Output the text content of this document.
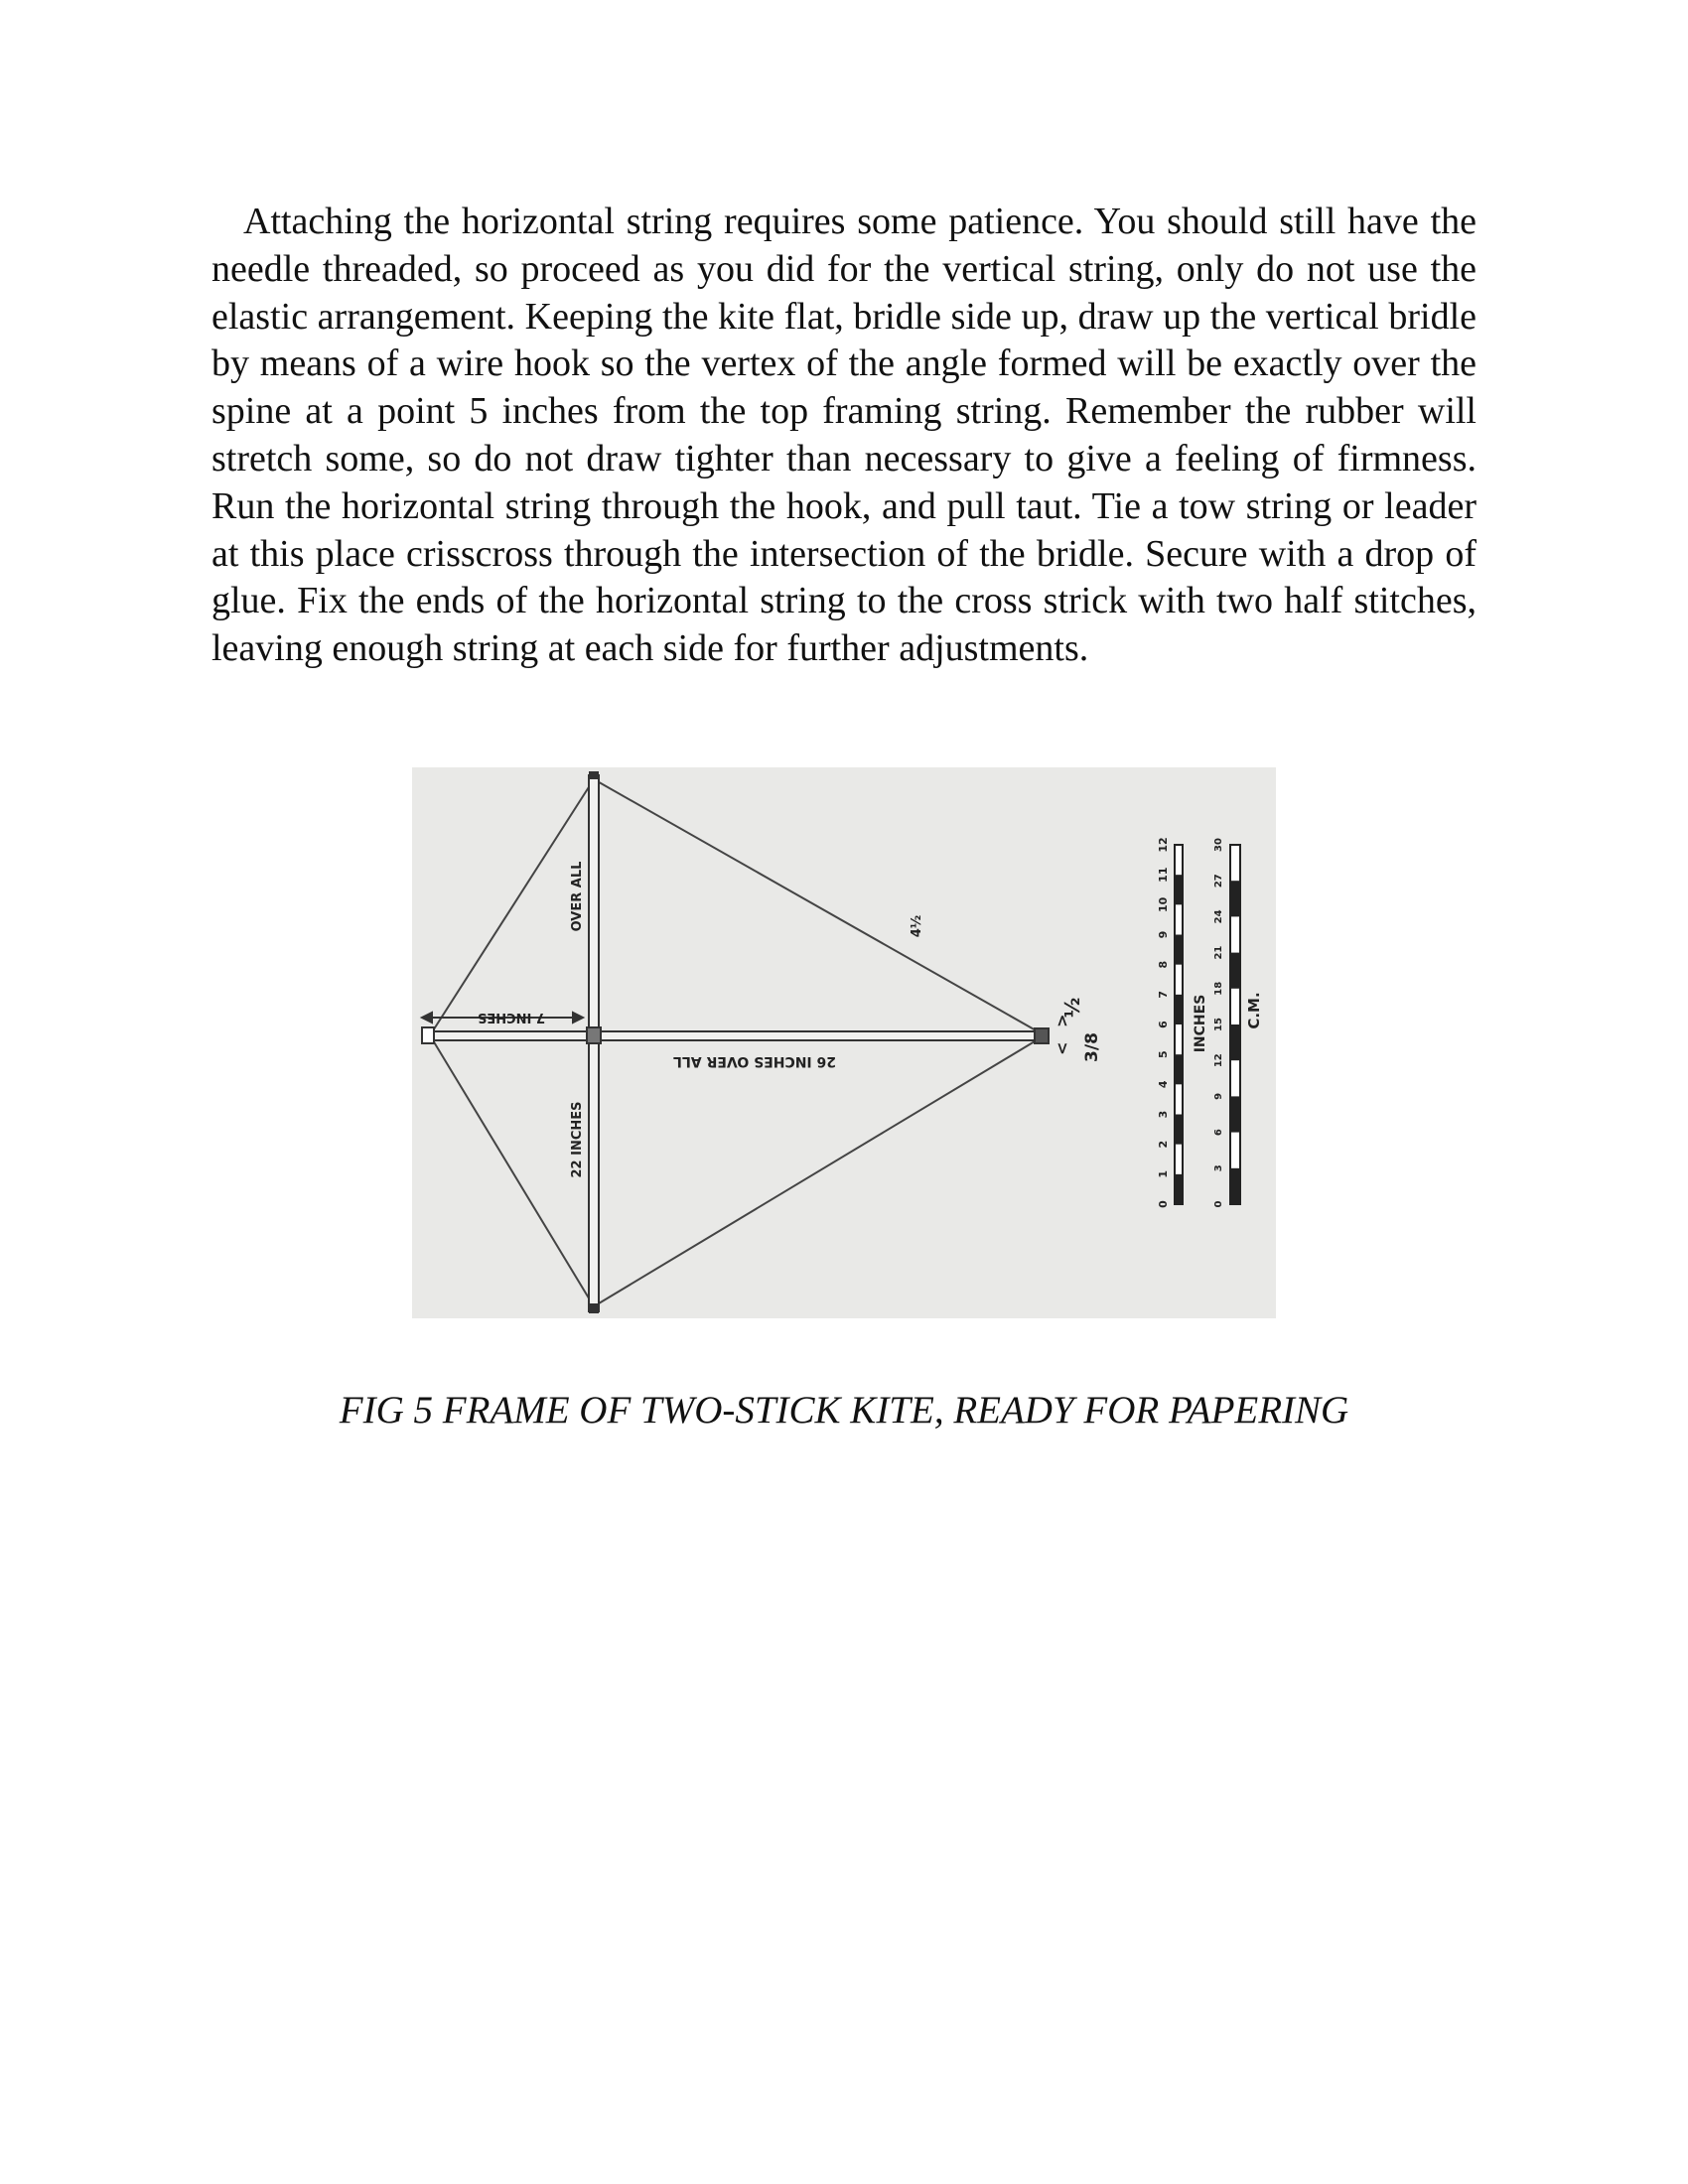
Attaching the horizontal string requires some patience. You should still have the needle threaded, so proceed as you did for the vertical string, only do not use the elastic arrangement. Keeping the kite flat, bridle side up, draw up the vertical bridle by means of a wire hook so the vertex of the angle formed will be exactly over the spine at a point 5 inches from the top framing string. Remember the rubber will stretch some, so do not draw tighter than necessary to give a feeling of firmness. Run the horizontal string through the hook, and pull taut. Tie a tow string or leader at this place crisscross through the intersection of the bridle. Secure with a drop of glue. Fix the ends of the horizontal string to the cross strick with two half stitches, leaving enough string at each side for further adjustments.

7 INCHES
26 INCHES OVER ALL
OVER ALL
22 INCHES
4½
½
3/8
>
<	INCHES C.M.
0
1
2
3
4
5
6
7
8
9
10
11
12
0
3
6
9
12
15
18
21
24
27
30

FIG 5 FRAME OF TWO-STICK KITE, READY FOR PAPERING
